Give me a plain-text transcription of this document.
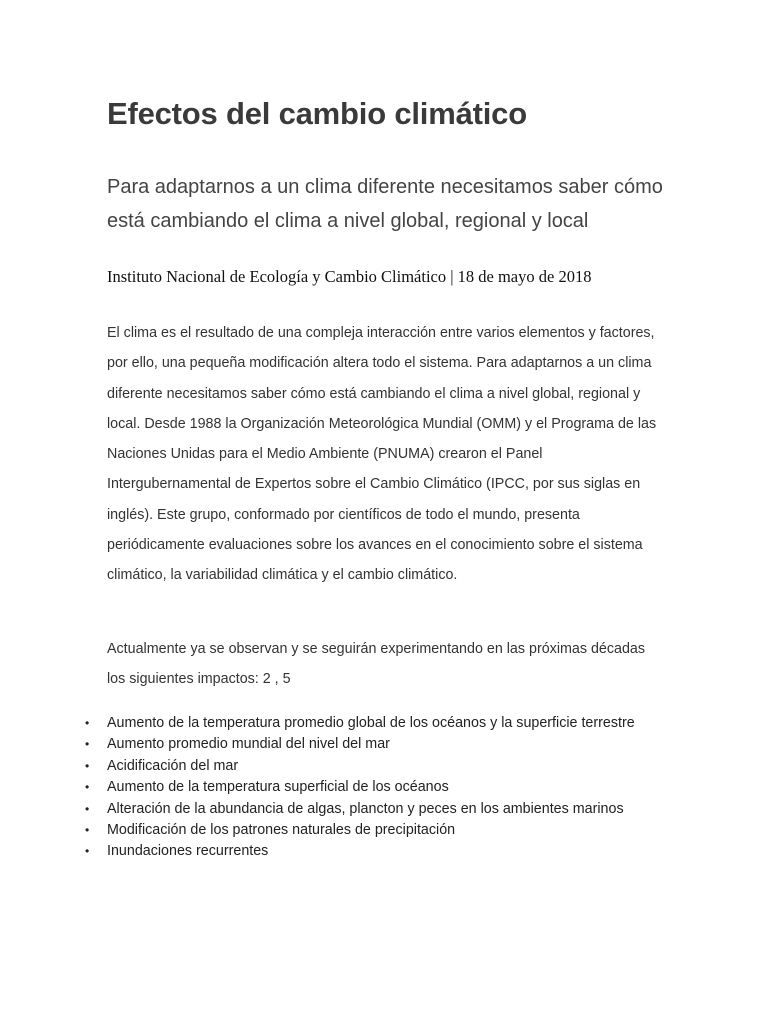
Efectos del cambio climático

Para adaptarnos a un clima diferente necesitamos saber cómo está cambiando el clima a nivel global, regional y local

Instituto Nacional de Ecología y Cambio Climático | 18 de mayo de 2018

El clima es el resultado de una compleja interacción entre varios elementos y factores, por ello, una pequeña modificación altera todo el sistema. Para adaptarnos a un clima diferente necesitamos saber cómo está cambiando el clima a nivel global, regional y local. Desde 1988 la Organización Meteorológica Mundial (OMM) y el Programa de las Naciones Unidas para el Medio Ambiente (PNUMA) crearon el Panel Intergubernamental de Expertos sobre el Cambio Climático (IPCC, por sus siglas en inglés). Este grupo, conformado por científicos de todo el mundo, presenta periódicamente evaluaciones sobre los avances en el conocimiento sobre el sistema climático, la variabilidad climática y el cambio climático.

Actualmente ya se observan y se seguirán experimentando en las próximas décadas los siguientes impactos: 2 , 5

• Aumento de la temperatura promedio global de los océanos y la superficie terrestre
• Aumento promedio mundial del nivel del mar
• Acidificación del mar
• Aumento de la temperatura superficial de los océanos
• Alteración de la abundancia de algas, plancton y peces en los ambientes marinos
• Modificación de los patrones naturales de precipitación
• Inundaciones recurrentes
